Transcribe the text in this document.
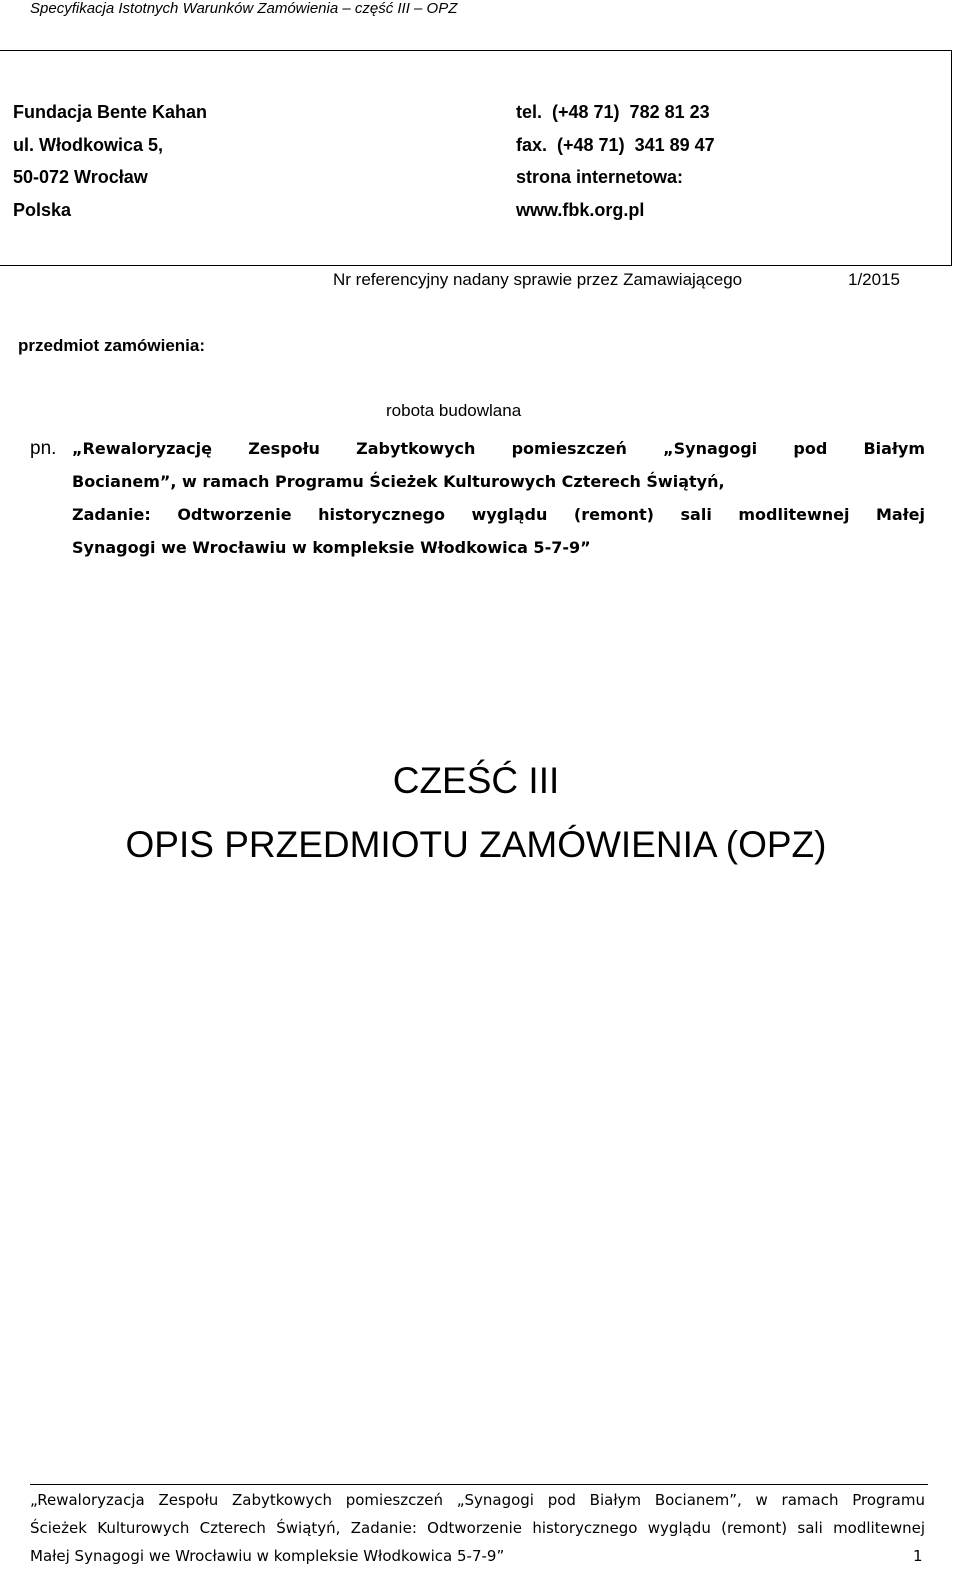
Specyfikacja Istotnych Warunków Zamówienia – część III – OPZ
Fundacja Bente Kahan
ul. Włodkowica 5,
50-072 Wrocław
Polska
tel.  (+48 71)  782 81 23
fax.  (+48 71)  341 89 47
strona internetowa:
www.fbk.org.pl
Nr referencyjny nadany sprawie przez Zamawiającego	1/2015
przedmiot zamówienia:
robota budowlana
pn. „Rewaloryzację Zespołu Zabytkowych pomieszczeń „Synagogi pod Białym
Bocianem”, w ramach Programu Ścieżek Kulturowych Czterech Świątyń,
Zadanie: Odtworzenie historycznego wyglądu (remont) sali modlitewnej Małej
Synagogi we Wrocławiu w kompleksie Włodkowica 5-7-9”
CZEŚĆ III
OPIS PRZEDMIOTU ZAMÓWIENIA (OPZ)
„Rewaloryzacja Zespołu Zabytkowych pomieszczeń „Synagogi pod Białym Bocianem”, w ramach Programu
Ścieżek Kulturowych Czterech Świątyń, Zadanie: Odtworzenie historycznego wyglądu (remont) sali modlitewnej
Małej Synagogi we Wrocławiu w kompleksie Włodkowica 5-7-9”	1
